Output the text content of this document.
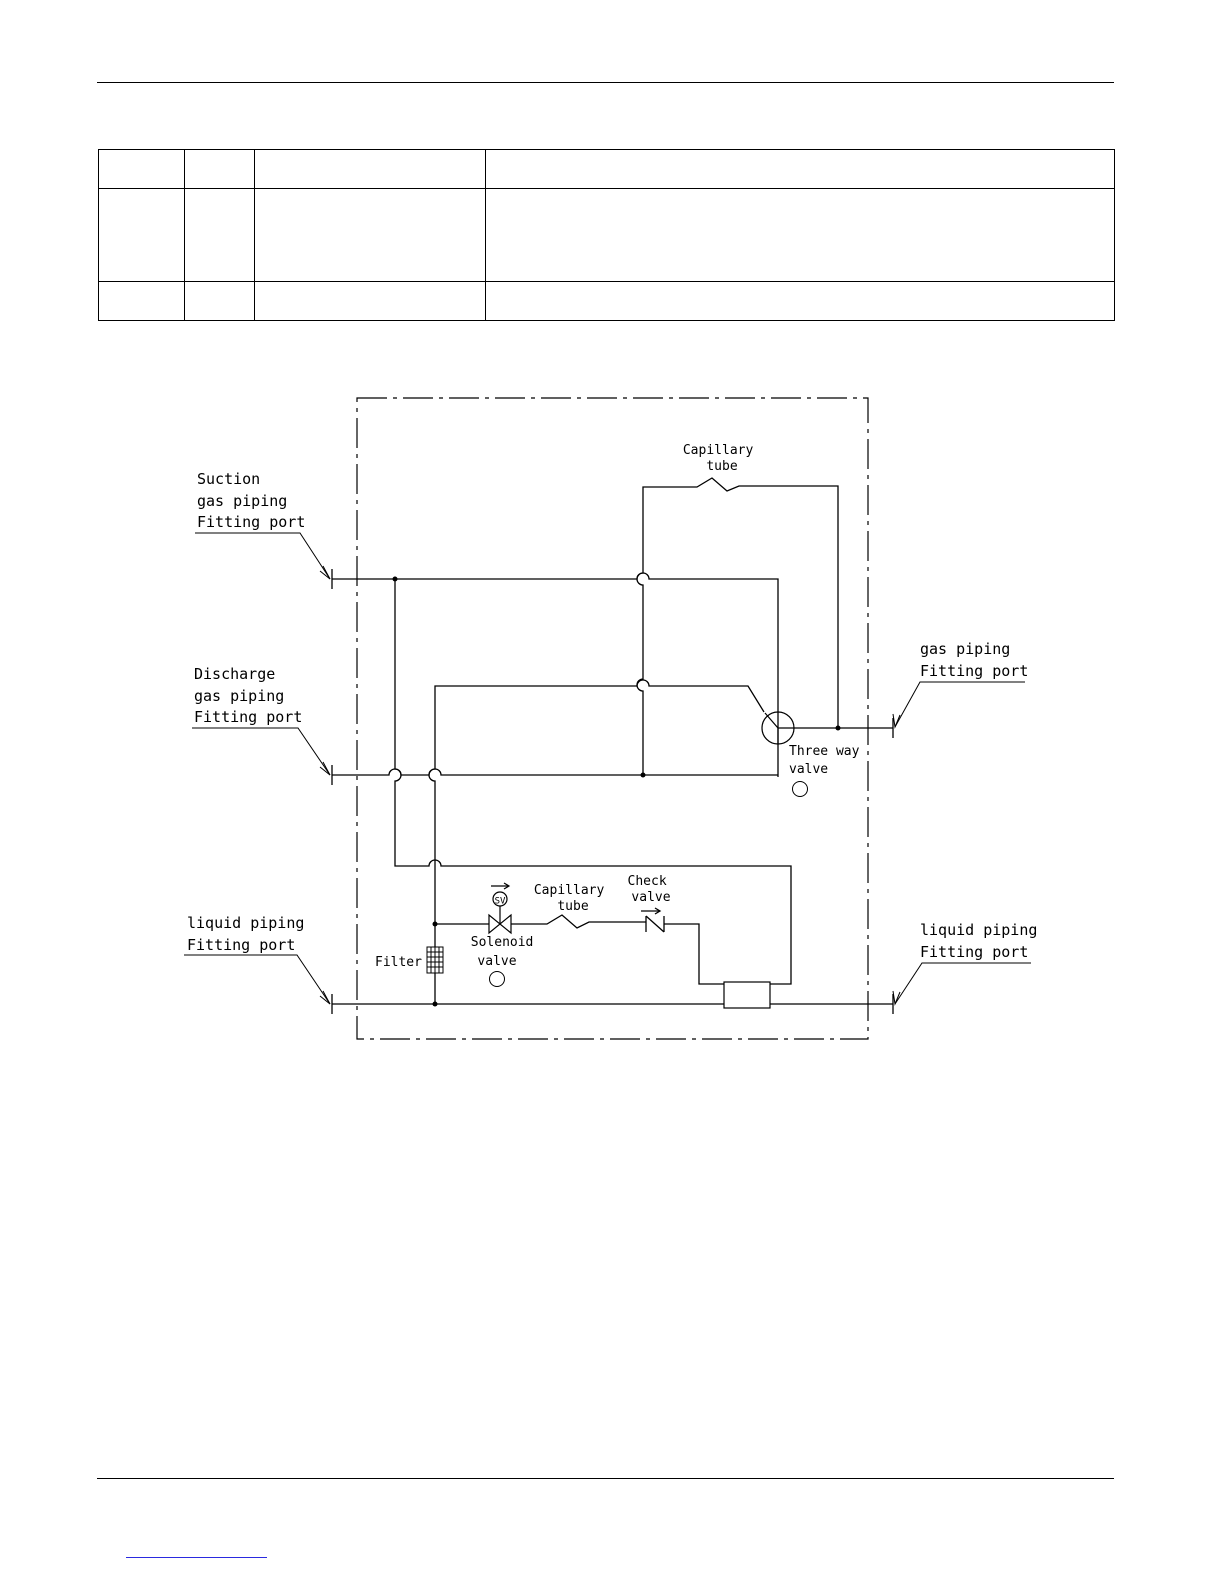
SV
Suction gas piping Fitting port
Discharge gas piping Fitting port
liquid piping Fitting port
liquid piping Fitting port
gas piping Fitting port
Capillary tube
Capillary tube
Three way valve
Check valve
Solenoid valve
Filter
